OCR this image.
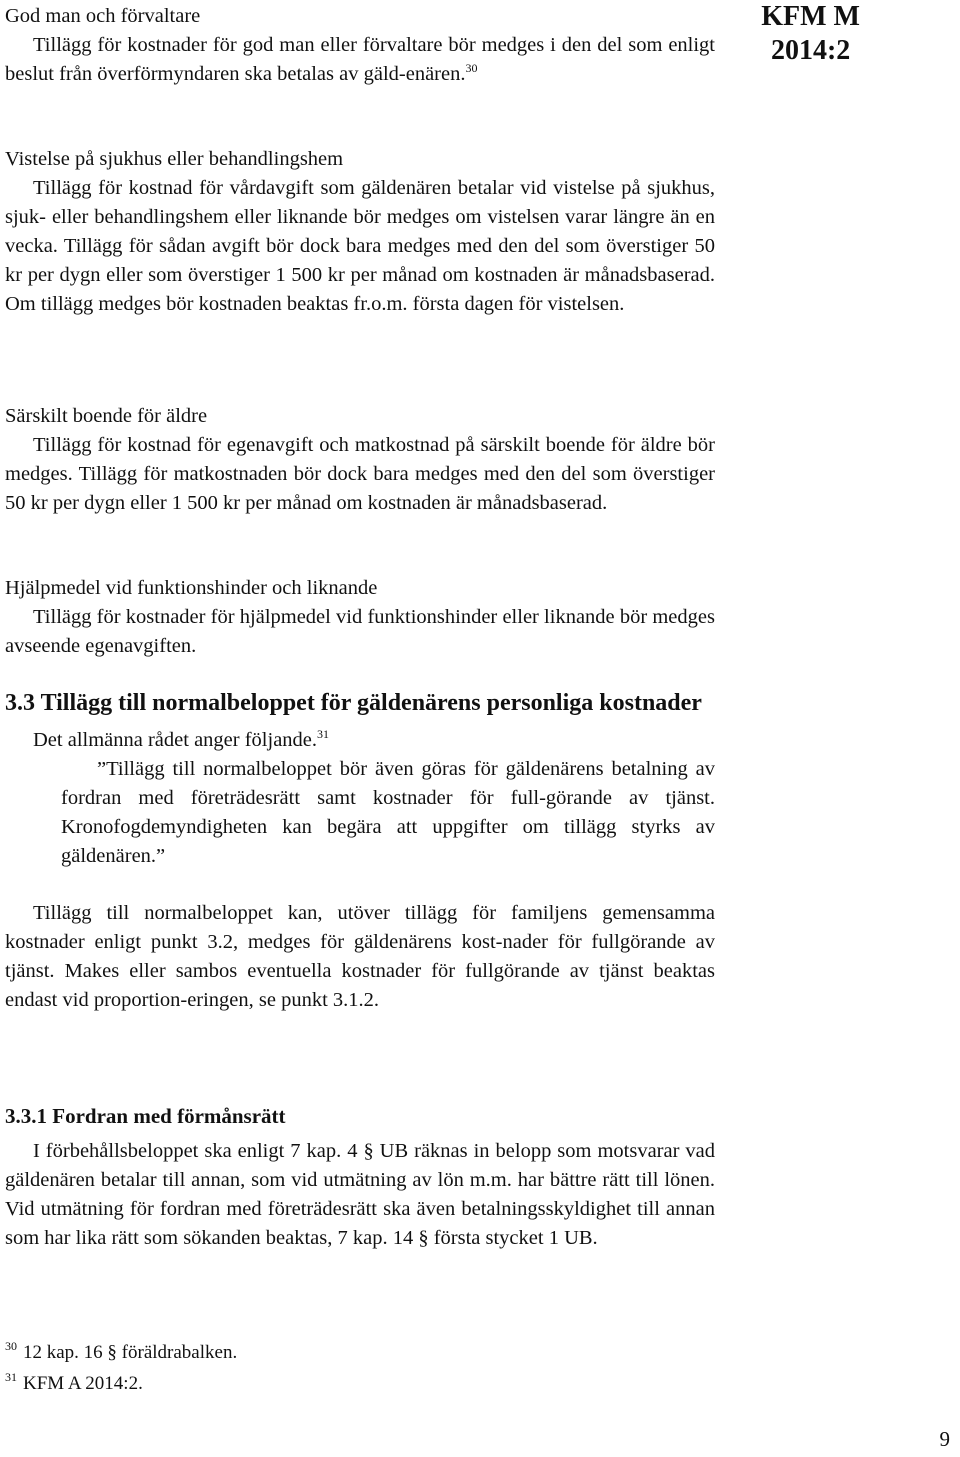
KFM M
2014:2
God man och förvaltare

Tillägg för kostnader för god man eller förvaltare bör medges i den del som enligt beslut från överförmyndaren ska betalas av gäld-enären.$^{30}$

Vistelse på sjukhus eller behandlingshem

Tillägg för kostnad för vårdavgift som gäldenären betalar vid vistelse på sjukhus, sjuk- eller behandlingshem eller liknande bör medges om vistelsen varar längre än en vecka. Tillägg för sådan avgift bör dock bara medges med den del som överstiger 50 kr per dygn eller som överstiger 1 500 kr per månad om kostnaden är månadsbaserad. Om tillägg medges bör kostnaden beaktas fr.o.m. första dagen för vistelsen.

Särskilt boende för äldre

Tillägg för kostnad för egenavgift och matkostnad på särskilt boende för äldre bör medges. Tillägg för matkostnaden bör dock bara medges med den del som överstiger 50 kr per dygn eller 1 500 kr per månad om kostnaden är månadsbaserad.

Hjälpmedel vid funktionshinder och liknande

Tillägg för kostnader för hjälpmedel vid funktionshinder eller liknande bör medges avseende egenavgiften.

3.3 Tillägg till normalbeloppet för gäldenärens personliga kostnader

Det allmänna rådet anger följande.$^{31}$

”Tillägg till normalbeloppet bör även göras för gäldenärens betalning av fordran med företrädesrätt samt kostnader för full-görande av tjänst. Kronofogdemyndigheten kan begära att uppgifter om tillägg styrks av gäldenären.”

Tillägg till normalbeloppet kan, utöver tillägg för familjens gemensamma kostnader enligt punkt 3.2, medges för gäldenärens kost-nader för fullgörande av tjänst. Makes eller sambos eventuella kostnader för fullgörande av tjänst beaktas endast vid proportion-eringen, se punkt 3.1.2.

3.3.1 Fordran med förmånsrätt

I förbehållsbeloppet ska enligt 7 kap. 4 § UB räknas in belopp som motsvarar vad gäldenären betalar till annan, som vid utmätning av lön m.m. har bättre rätt till lönen. Vid utmätning för fordran med företrädesrätt ska även betalningsskyldighet till annan som har lika rätt som sökanden beaktas, 7 kap. 14 § första stycket 1 UB.

$^{30}$ 12 kap. 16 § föräldrabalken.
$^{31}$ KFM A 2014:2.
9
